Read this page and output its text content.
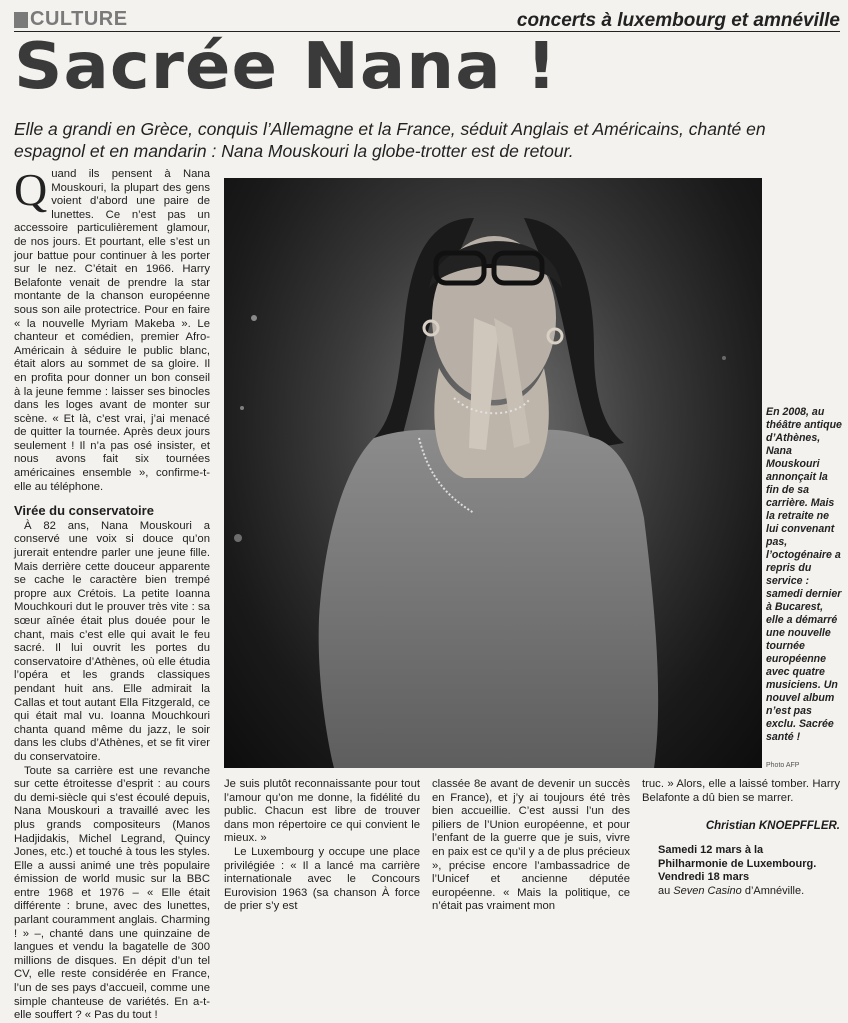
CULTURE	concerts à luxembourg et amnéville
Sacrée Nana !
Elle a grandi en Grèce, conquis l’Allemagne et la France, séduit Anglais et Américains, chanté en espagnol et en mandarin : Nana Mouskouri la globe-trotter est de retour.

Quand ils pensent à Nana Mouskouri, la plupart des gens voient d’abord une paire de lunettes. Ce n’est pas un accessoire particulièrement glamour, de nos jours. Et pourtant, elle s’est un jour battue pour continuer à les porter sur le nez. C’était en 1966. Harry Belafonte venait de prendre la star montante de la chanson européenne sous son aile protectrice. Pour en faire « la nouvelle Myriam Makeba ». Le chanteur et comédien, premier Afro-Américain à séduire le public blanc, était alors au sommet de sa gloire. Il en profita pour donner un bon conseil à la jeune femme : laisser ses binocles dans les loges avant de monter sur scène. « Et là, c’est vrai, j’ai menacé de quitter la tournée. Après deux jours seulement ! Il n’a pas osé insister, et nous avons fait six tournées américaines ensemble », confirme-t-elle au téléphone.

Virée du conservatoire

À 82 ans, Nana Mouskouri a conservé une voix si douce qu’on jurerait entendre parler une jeune fille. Mais derrière cette douceur apparente se cache le caractère bien trempé propre aux Crétois. La petite Ioanna Mouchkouri dut le prouver très vite : sa sœur aînée était plus douée pour le chant, mais c’est elle qui avait le feu sacré. Il lui ouvrit les portes du conservatoire d’Athènes, où elle étudia l’opéra et les grands classiques pendant huit ans. Elle admirait la Callas et tout autant Ella Fitzgerald, ce qui était mal vu. Ioanna Mouchkouri chanta quand même du jazz, le soir dans les clubs d’Athènes, et se fit virer du conservatoire.

Toute sa carrière est une revanche sur cette étroitesse d’esprit : au cours du demi-siècle qui s’est écoulé depuis, Nana Mouskouri a travaillé avec les plus grands compositeurs (Manos Hadjidakis, Michel Legrand, Quincy Jones, etc.) et touché à tous les styles. Elle a aussi animé une très populaire émission de world music sur la BBC entre 1968 et 1976 – « Elle était différente : brune, avec des lunettes, parlant couramment anglais. Charming ! » –, chanté dans une quinzaine de langues et vendu la bagatelle de 300 millions de disques. En dépit d’un tel CV, elle reste considérée en France, l’un de ses pays d’accueil, comme une simple chanteuse de variétés. En a-t-elle souffert ? « Pas du tout !

En 2008, au théâtre antique d’Athènes, Nana Mouskouri annonçait la fin de sa carrière. Mais la retraite ne lui convenant pas, l’octogénaire a repris du service : samedi dernier à Bucarest, elle a démarré une nouvelle tournée européenne avec quatre musiciens. Un nouvel album n’est pas exclu. Sacrée santé !
Photo AFP

Je suis plutôt reconnaissante pour tout l’amour qu’on me donne, la fidélité du public. Chacun est libre de trouver dans mon répertoire ce qui convient le mieux. »

Le Luxembourg y occupe une place privilégiée : « Il a lancé ma carrière internationale avec le Concours Eurovision 1963 (sa chanson À force de prier s’y est

classée 8e avant de devenir un succès en France), et j’y ai toujours été très bien accueillie. C’est aussi l’un des piliers de l’Union européenne, et pour l’enfant de la guerre que je suis, vivre en paix est ce qu’il y a de plus précieux », précise encore l’ambassadrice de l’Unicef et ancienne députée européenne. « Mais la politique, ce n’était pas vraiment mon

truc. » Alors, elle a laissé tomber. Harry Belafonte a dû bien se marrer.

Christian KNOEPFFLER.
Samedi 12 mars à la
Philharmonie de Luxembourg.
Vendredi 18 mars
au Seven Casino d’Amnéville.
